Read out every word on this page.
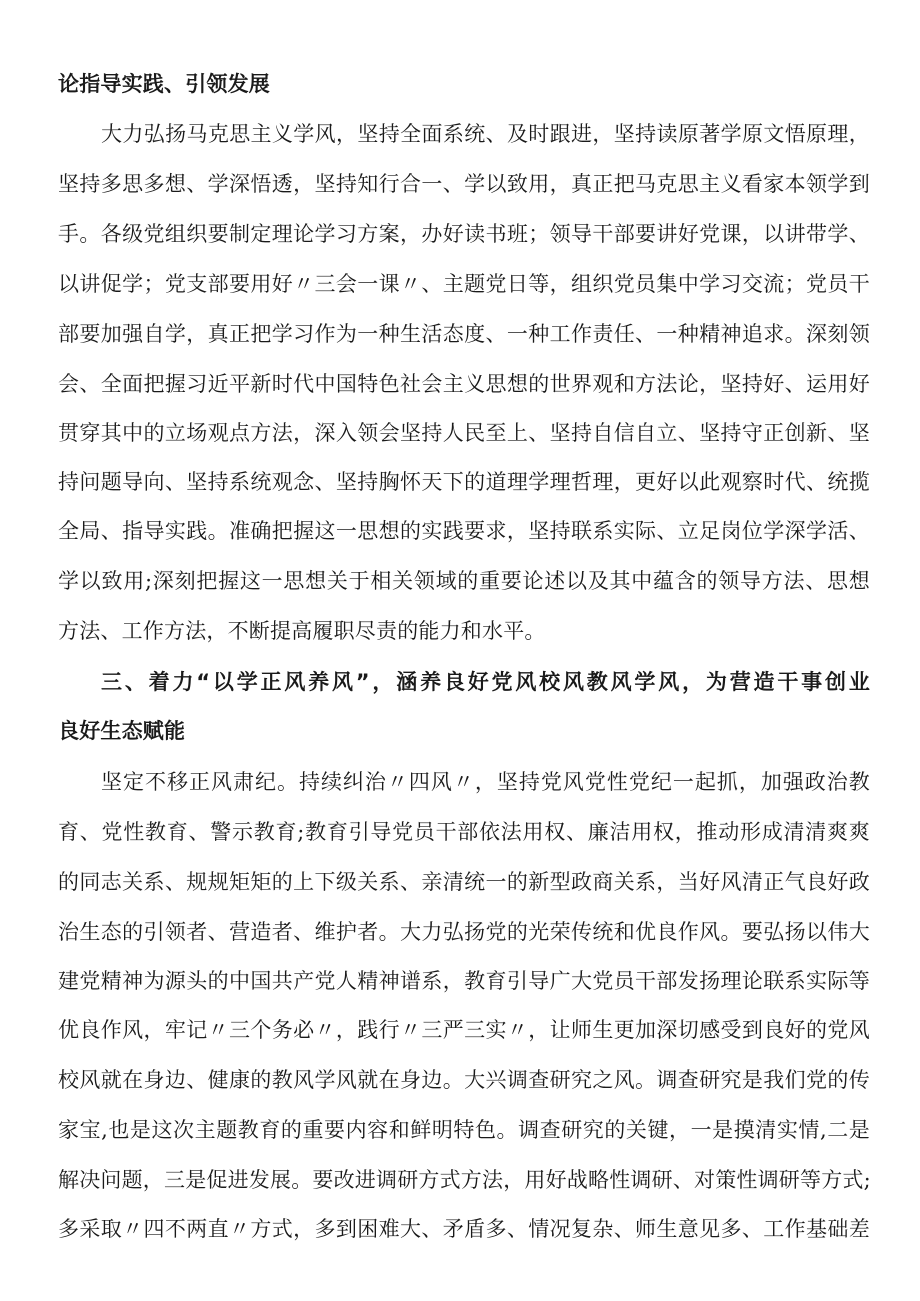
论指导实践、引领发展
大力弘扬马克思主义学风，坚持全面系统、及时跟进，坚持读原著学原文悟原理，
坚持多思多想、学深悟透，坚持知行合一、学以致用，真正把马克思主义看家本领学到
手。各级党组织要制定理论学习方案，办好读书班；领导干部要讲好党课，以讲带学、
以讲促学；党支部要用好〃三会一课〃、主题党日等，组织党员集中学习交流；党员干
部要加强自学，真正把学习作为一种生活态度、一种工作责任、一种精神追求。深刻领
会、全面把握习近平新时代中国特色社会主义思想的世界观和方法论，坚持好、运用好
贯穿其中的立场观点方法，深入领会坚持人民至上、坚持自信自立、坚持守正创新、坚
持问题导向、坚持系统观念、坚持胸怀天下的道理学理哲理，更好以此观察时代、统揽
全局、指导实践。准确把握这一思想的实践要求，坚持联系实际、立足岗位学深学活、
学以致用;深刻把握这一思想关于相关领域的重要论述以及其中蕴含的领导方法、思想
方法、工作方法，不断提高履职尽责的能力和水平。
三、着力“以学正风养风”，涵养良好党风校风教风学风，为营造干事创业
良好生态赋能
坚定不移正风肃纪。持续纠治〃四风〃，坚持党风党性党纪一起抓，加强政治教
育、党性教育、警示教育;教育引导党员干部依法用权、廉洁用权，推动形成清清爽爽
的同志关系、规规矩矩的上下级关系、亲清统一的新型政商关系，当好风清正气良好政
治生态的引领者、营造者、维护者。大力弘扬党的光荣传统和优良作风。要弘扬以伟大
建党精神为源头的中国共产党人精神谱系，教育引导广大党员干部发扬理论联系实际等
优良作风，牢记〃三个务必〃，践行〃三严三实〃，让师生更加深切感受到良好的党风
校风就在身边、健康的教风学风就在身边。大兴调查研究之风。调查研究是我们党的传
家宝,也是这次主题教育的重要内容和鲜明特色。调查研究的关键，一是摸清实情,二是
解决问题，三是促进发展。要改进调研方式方法，用好战略性调研、对策性调研等方式;
多采取〃四不两直〃方式，多到困难大、矛盾多、情况复杂、师生意见多、工作基础差
